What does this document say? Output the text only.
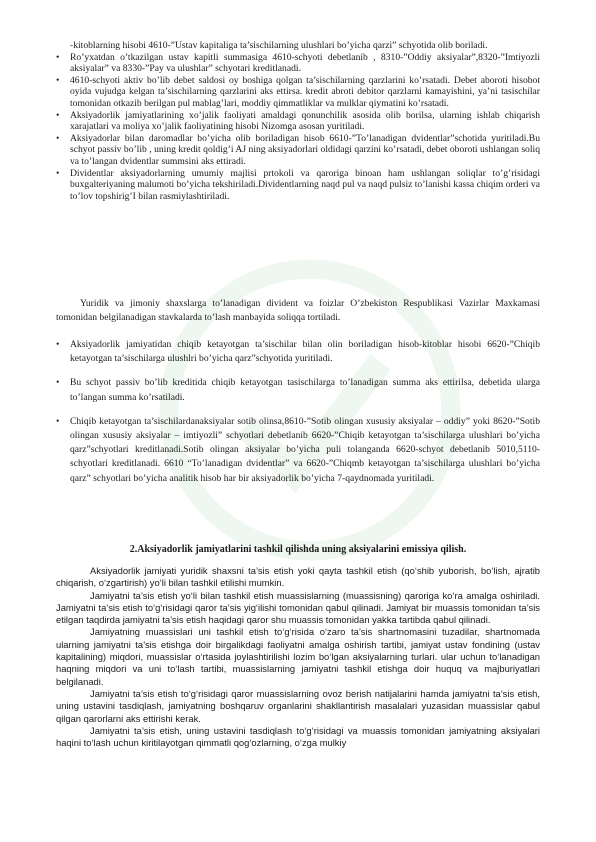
-kitoblarning hisobi 4610-”Ustav kapitaliga ta’sischilarning ulushlari bo’yicha qarzi” schyotida olib boriladi.

• Ro’yxatdan o’tkazilgan ustav kapitli summasiga 4610-schyoti debetlanib , 8310-”Oddiy aksiyalar”,8320-”Imtiyozli aksiyalar” va 8330-”Pay va ulushlar” schyotari kreditlanadi.
• 4610-schyoti aktiv bo’lib debet saldosi oy boshiga qolgan ta’sischilarning qarzlarini ko’rsatadi. Debet aboroti hisobot oyida vujudga kelgan ta’sischilarning qarzlarini aks ettirsa. kredit abroti debitor qarzlarni kamayishini, ya’ni tasischilar tomonidan otkazib berilgan pul mablag’lari, moddiy qimmatliklar va mulklar qiymatini ko’rsatadi.
• Aksiyadorlik jamiyatlarining xo’jalik faoliyati amaldagi qonunchilik asosida olib borilsa, ularning ishlab chiqarish xarajatlari va moliya xo’jalik faoliyatining hisobi Nizomga asosan yuritiladi.
• Aksiyadorlar bilan daromadlar bo’yicha olib boriladigan hisob 6610-”To’lanadigan dvidentlar”schotida yuritiladi.Bu schyot passiv bo’lib , uning kredit qoldig’i AJ ning aksiyadorlari oldidagi qarzini ko’rsatadi, debet oboroti ushlangan soliq va to’langan dvidentlar summsini aks ettiradi.
• Dividentlar aksiyadorlarning umumiy majlisi prtokoli va qaroriga binoan ham ushlangan soliqlar to’g’risidagi buxgalteriyaning malumoti bo’yicha tekshiriladi.Dividentlarning naqd pul va naqd pulsiz to’lanishi kassa chiqim orderi va to’lov topshirig’I bilan rasmiylashtiriladi.

Yuridik va jimoniy shaxslarga to’lanadigan divident va foizlar O’zbekiston Respublikasi Vazirlar Maxkamasi tomonidan belgilanadigan stavkalarda to’lash manbayida soliqqa tortiladi.

• Aksiyadorlik jamiyatidan chiqib ketayotgan ta’sischilar bilan olin boriladigan hisob-kitoblar hisobi 6620-”Chiqib ketayotgan ta’sischilarga ulushlri bo’yicha qarz”schyotida yuritiladi.
• Bu schyot passiv bo’lib kreditida chiqib ketayotgan tasischilarga to’lanadigan summa aks ettirilsa, debetida ularga to’langan summa ko’rsatiladi.
• Chiqib ketayotgan ta’sischilardanaksiyalar sotib olinsa,8610-”Sotib olingan xususiy aksiyalar – oddiy” yoki 8620-”Sotib olingan xususiy aksiyalar – imtiyozli” schyotlari debetlanib 6620-”Chiqib ketayotgan ta’sischilarga ulushlari bo’yicha qarz”schyotlari kreditlanadi.Sotib olingan aksiyalar bo’yicha puli tolanganda 6620-schyot debetlanib 5010,5110-schyotlari kreditlanadi. 6610 “To’lanadigan dvidentlar” va 6620-”Chiqmb ketayotgan ta’sischilarga ulushlari bo’yicha qarz” schyotlari bo’yicha analitik hisob har bir aksiyadorlik bo’yicha 7-qaydnomada yuritiladi.
2.Aksiyadorlik jamiyatlarini tashkil qilishda uning aksiyalarini emissiya qilish.

Aksiyadorlik jamiyati yuridik shaxsni ta’sis etish yoki qayta tashkil etish (qo‘shib yuborish, bo‘lish, ajratib chiqarish, o‘zgartirish) yo‘li bilan tashkil etilishi mumkin.

Jamiyatni ta’sis etish yo‘li bilan tashkil etish muassislarning (muassisning) qaroriga ko‘ra amalga oshiriladi. Jamiyatni ta’sis etish to‘g‘risidagi qaror ta’sis yig‘ilishi tomonidan qabul qilinadi. Jamiyat bir muassis tomonidan ta’sis etilgan taqdirda jamiyatni ta’sis etish haqidagi qaror shu muassis tomonidan yakka tartibda qabul qilinadi.

Jamiyatning muassislari uni tashkil etish to‘g‘risida o‘zaro ta’sis shartnomasini tuzadilar, shartnomada ularning jamiyatni ta’sis etishga doir birgalikdagi faoliyatni amalga oshirish tartibi, jamiyat ustav fondining (ustav kapitalining) miqdori, muassislar o‘rtasida joylashtirilishi lozim bo‘lgan aksiyalarning turlari. ular uchun to‘lanadigan haqning miqdori va uni to‘lash tartibi, muassislarning jamiyatni tashkil etishga doir huquq va majburiyatlari belgilanadi.

Jamiyatni ta’sis etish to‘g‘risidagi qaror muassislarning ovoz berish natijalarini hamda jamiyatni ta’sis etish, uning ustavini tasdiqlash, jamiyatning boshqaruv organlarini shakllantirish masalalari yuzasidan muassislar qabul qilgan qarorlarni aks ettirishi kerak.

Jamiyatni ta’sis etish, uning ustavini tasdiqlash to‘g‘risidagi va muassis tomonidan jamiyatning aksiyalari haqini to‘lash uchun kiritilayotgan qimmatli qog‘ozlarning, o‘zga mulkiy
